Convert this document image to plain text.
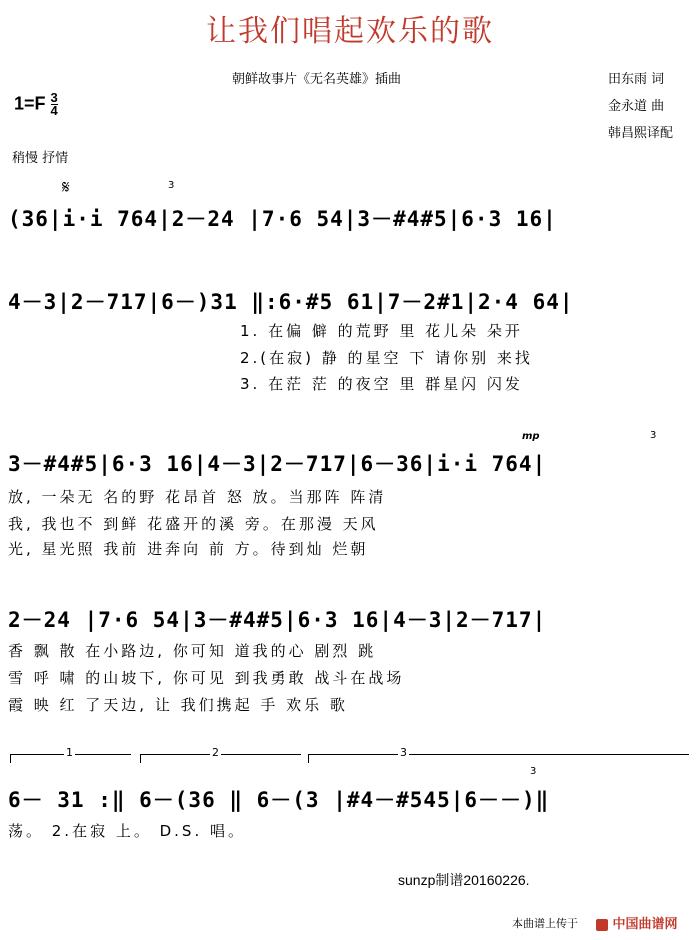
让我们唱起欢乐的歌
朝鲜故事片《无名英雄》插曲	田东雨 词
金永道 曲
韩昌熙译配
$1=F \frac{3}{4}$
稍慢 抒情
𝄋	3
(36|i·i 764|2－24 |7·6 54|3－#4#5|6·3 16|
4－3|2－717|6－)31 ‖:6·#5 61|7－2#1|2·4 64|
1. 在偏 僻 的荒野 里 花儿朵 朵开
2.(在寂) 静 的星空 下 请你别 来找
3. 在茫 茫 的夜空 里 群星闪 闪发
mp	3
3－#4#5|6·3 16|4－3|2－717|6－36|i·i 764|
放, 一朵无 名的野 花昂首 怒 放。当那阵 阵清
我, 我也不 到鲜 花盛开的溪 旁。在那漫 天风
光, 星光照 我前 进奔向 前 方。待到灿 烂朝
2－24 |7·6 54|3－#4#5|6·3 16|4－3|2－717|
香 飘 散 在小路边, 你可知 道我的心 剧烈 跳
雪 呼 啸 的山坡下, 你可见 到我勇敢 战斗在战场
霞 映 红 了天边, 让 我们携起 手 欢乐 歌
1	2	3
3
6－ 31 :‖ 6－(36 ‖ 6－(3 |#4－#545|6－－)‖
荡。 2.在寂 上。 D.S. 唱。
sunzp制谱20160226.
本曲谱上传于	中国曲谱网
